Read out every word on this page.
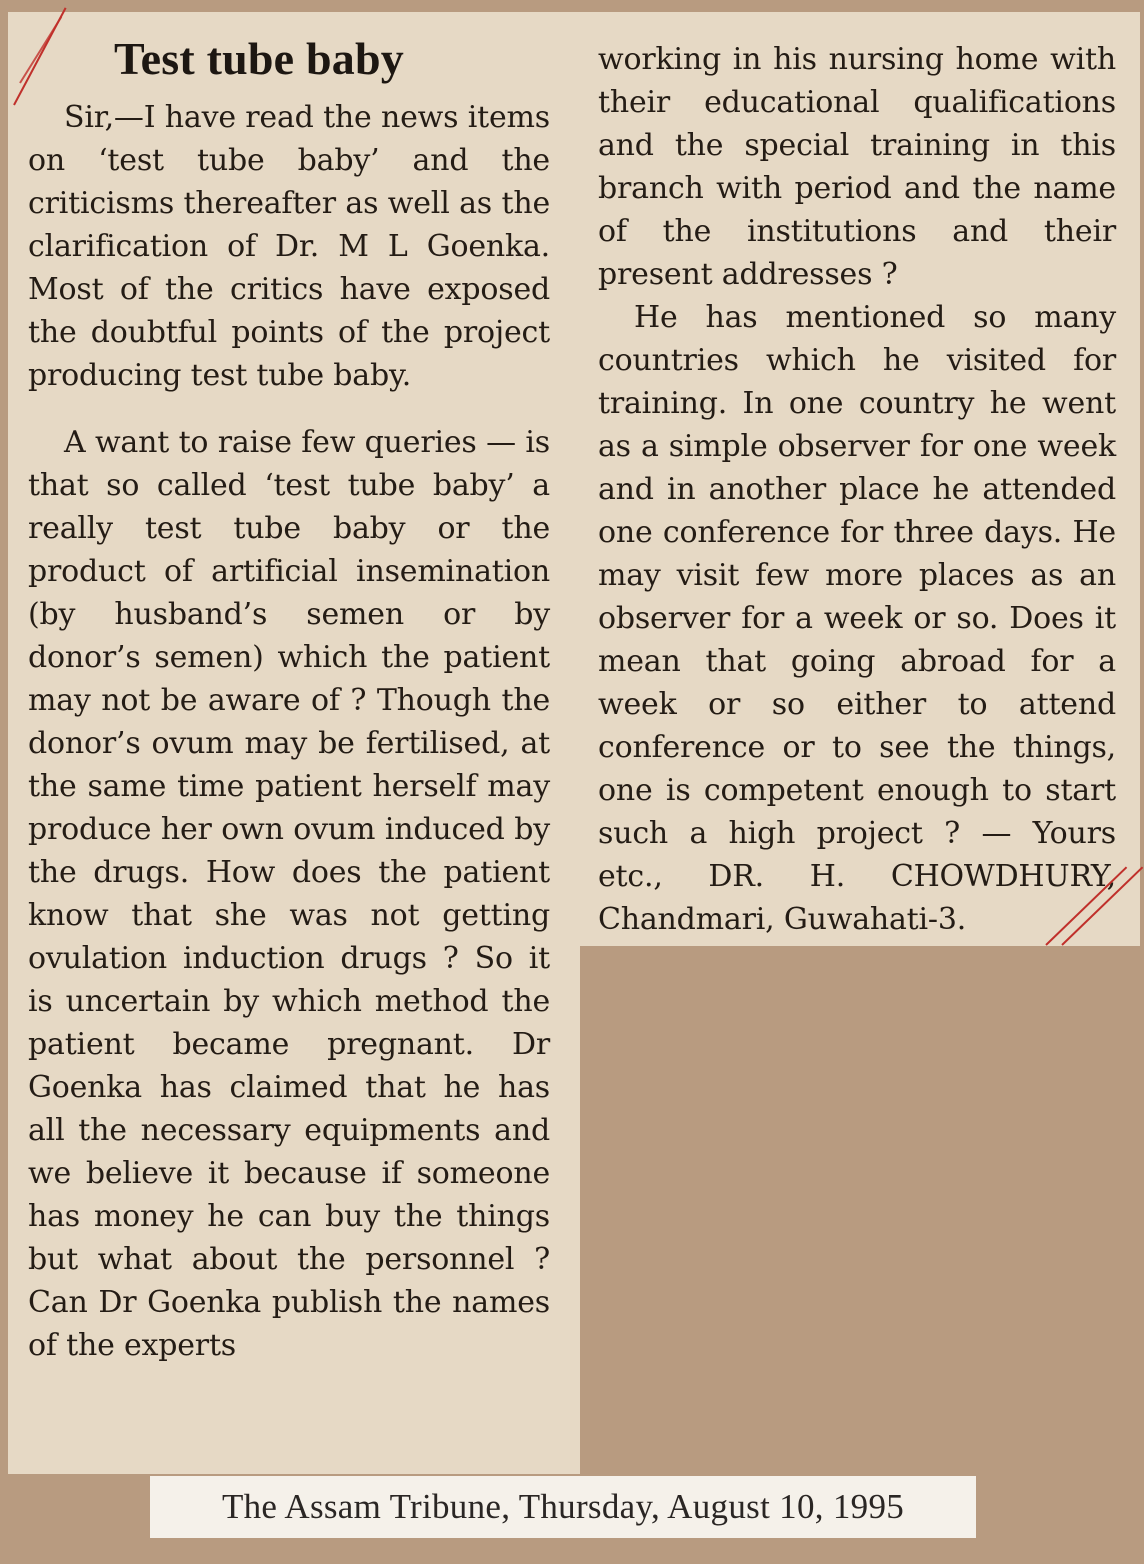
Test tube baby

Sir,—I have read the news items on ‘test tube baby’ and the criticisms thereafter as well as the clarification of Dr. M L Goenka. Most of the critics have exposed the doubtful points of the project producing test tube baby.

A want to raise few queries — is that so called ‘test tube baby’ a really test tube baby or the product of artificial insemination (by husband’s semen or by donor’s semen) which the patient may not be aware of ? Though the donor’s ovum may be fertilised, at the same time patient herself may produce her own ovum induced by the drugs. How does the patient know that she was not getting ovulation induction drugs ? So it is uncertain by which method the patient became pregnant. Dr Goenka has claimed that he has all the necessary equipments and we believe it because if someone has money he can buy the things but what about the personnel ? Can Dr Goenka publish the names of the experts

working in his nursing home with their educational qualifications and the special training in this branch with period and the name of the institutions and their present addresses ?

He has mentioned so many countries which he visited for training. In one country he went as a simple observer for one week and in another place he attended one conference for three days. He may visit few more places as an observer for a week or so. Does it mean that going abroad for a week or so either to attend conference or to see the things, one is competent enough to start such a high project ? — Yours etc., DR. H. CHOWDHURY, Chandmari, Guwahati-3.

The Assam Tribune, Thursday, August 10, 1995
